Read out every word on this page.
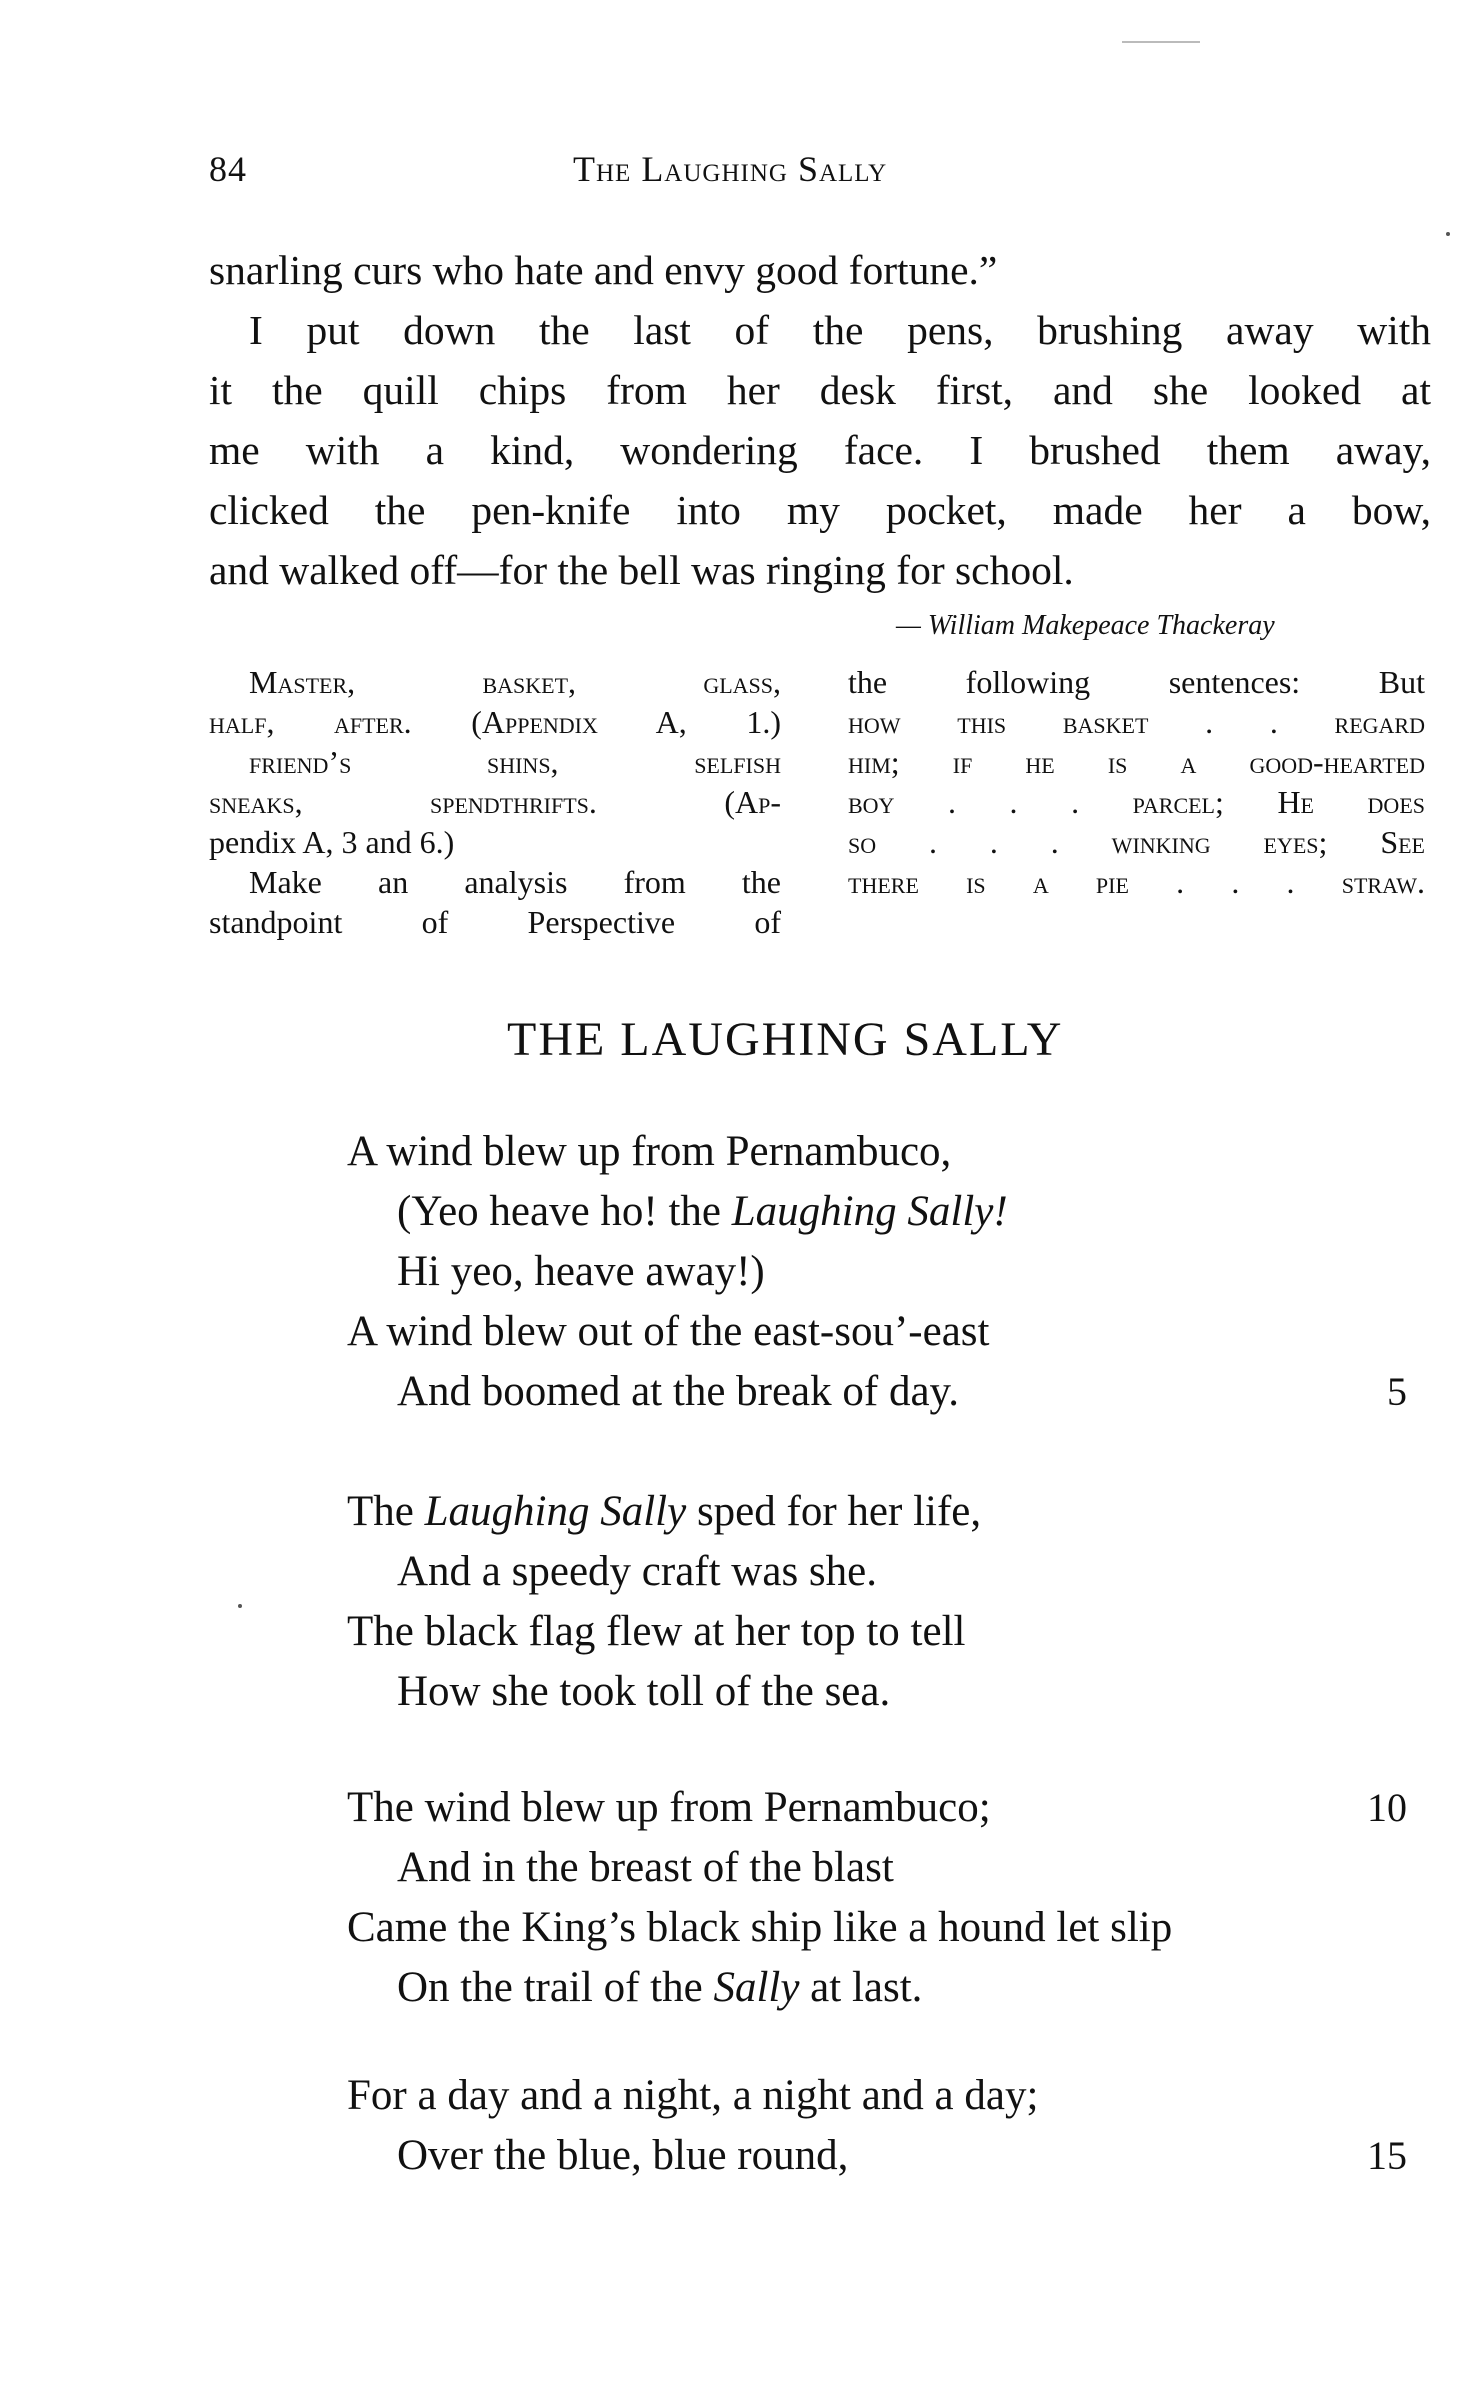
84	The Laughing Sally
snarling curs who hate and envy good fortune.”
I put down the last of the pens, brushing away with
it the quill chips from her desk first, and she looked at
me with a kind, wondering face. I brushed them away,
clicked the pen-knife into my pocket, made her a bow,
and walked off—for the bell was ringing for school.
— William Makepeace Thackeray
Master, basket, glass,
half, after. (Appendix A, 1.)
friend’s shins, selfish
sneaks, spendthrifts. (Ap-
pendix A, 3 and 6.)
Make an analysis from the
standpoint of Perspective of
the following sentences: But
how this basket . . regard
him; if he is a good-hearted
boy . . . parcel; He does
so . . . winking eyes; See
there is a pie . . . straw.
THE LAUGHING SALLY
A wind blew up from Pernambuco,
(Yeo heave ho! the Laughing Sally!
Hi yeo, heave away!)
A wind blew out of the east-sou’-east
And boomed at the break of day.	5
The Laughing Sally sped for her life,
And a speedy craft was she.
The black flag flew at her top to tell
How she took toll of the sea.
The wind blew up from Pernambuco;	10
And in the breast of the blast
Came the King’s black ship like a hound let slip
On the trail of the Sally at last.
For a day and a night, a night and a day;
Over the blue, blue round,	15
